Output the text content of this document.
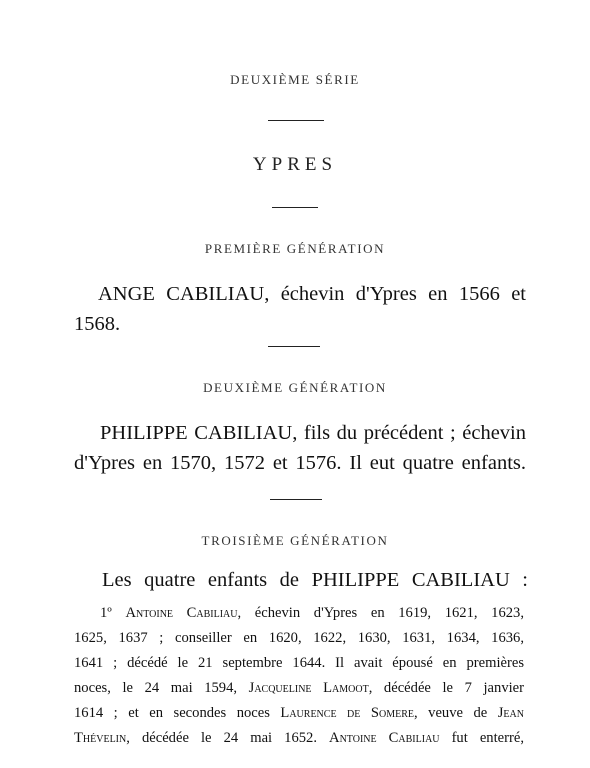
DEUXIÈME SÉRIE
YPRES
PREMIÈRE GÉNÉRATION
ANGE CABILIAU, échevin d'Ypres en 1566 et
1568.
DEUXIÈME GÉNÉRATION
PHILIPPE CABILIAU, fils du précédent ; échevin
d'Ypres en 1570, 1572 et 1576. Il eut quatre enfants.
TROISIÈME GÉNÉRATION
Les quatre enfants de PHILIPPE CABILIAU :
1º Antoine Cabiliau, échevin d'Ypres en 1619, 1621, 1623,
1625, 1637 ; conseiller en 1620, 1622, 1630, 1631, 1634, 1636,
1641 ; décédé le 21 septembre 1644. Il avait épousé en premières
noces, le 24 mai 1594, Jacqueline Lamoot, décédée le 7 janvier
1614 ; et en secondes noces Laurence de Somere, veuve de Jean
Thévelin, décédée le 24 mai 1652. Antoine Cabiliau fut enterré,
